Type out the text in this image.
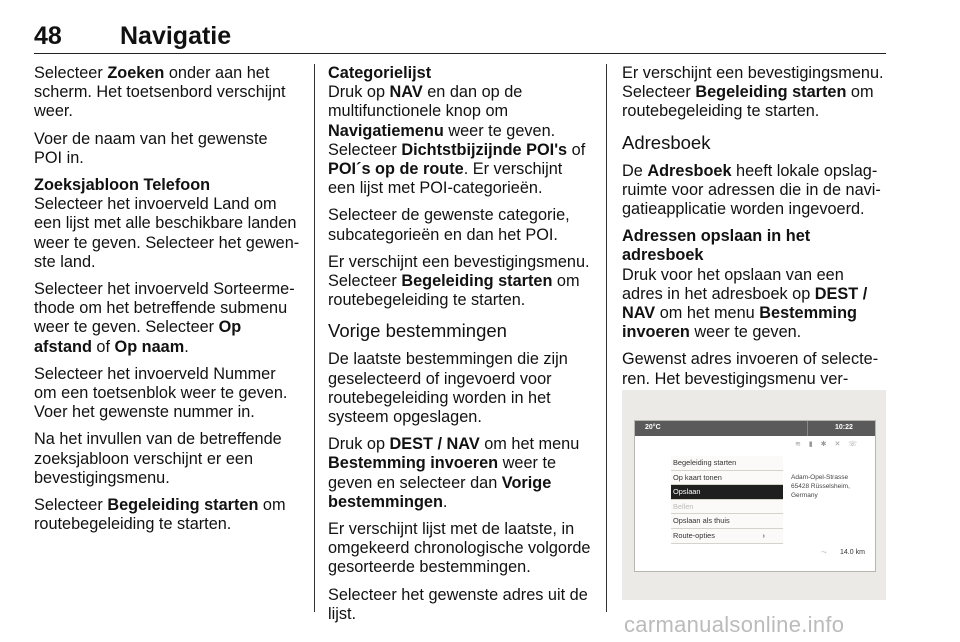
48 Navigatie

Selecteer Zoeken onder aan het scherm. Het toetsenbord verschijnt weer.

Voer de naam van het gewenste POI in.

Zoeksjabloon Telefoon

Selecteer het invoerveld Land om een lijst met alle beschikbare landen weer te geven. Selecteer het gewenste land.

Selecteer het invoerveld Sorteermethode om het betreffende submenu weer te geven. Selecteer Op afstand of Op naam.

Selecteer het invoerveld Nummer om een toetsenblok weer te geven. Voer het gewenste nummer in.

Na het invullen van de betreffende zoeksjabloon verschijnt er een bevestigingsmenu.

Selecteer Begeleiding starten om routebegeleiding te starten.

Categorielijst

Druk op NAV en dan op de multifunctionele knop om Navigatiemenu weer te geven. Selecteer Dichtstbijzijnde POI's of POI´s op de route. Er verschijnt een lijst met POI-categorieën.

Selecteer de gewenste categorie, subcategorieën en dan het POI.

Er verschijnt een bevestigingsmenu. Selecteer Begeleiding starten om routebegeleiding te starten.

Vorige bestemmingen

De laatste bestemmingen die zijn geselecteerd of ingevoerd voor routebegeleiding worden in het systeem opgeslagen.

Druk op DEST / NAV om het menu Bestemming invoeren weer te geven en selecteer dan Vorige bestemmingen.

Er verschijnt lijst met de laatste, in omgekeerd chronologische volgorde gesorteerde bestemmingen.

Selecteer het gewenste adres uit de lijst.

Er verschijnt een bevestigingsmenu. Selecteer Begeleiding starten om routebegeleiding te starten.

Adresboek

De Adresboek heeft lokale opslagruimte voor adressen die in de navigatieapplicatie worden ingevoerd.

Adressen opslaan in het adresboek

Druk voor het opslaan van een adres in het adresboek op DEST / NAV om het menu Bestemming invoeren weer te geven.

Gewenst adres invoeren of selecteren. Het bevestigingsmenu ver

20°C	10:22
≋ ▮ ✱ ✕ ☏
Begeleiding starten
Op kaart tonen
Opslaan
Bellen
Opslaan als thuis
Route-opties	›
Adam-Opel-Strasse
65428 Rüsselsheim, Germany
⤳ 14.0 km
carmanualsonline.info
